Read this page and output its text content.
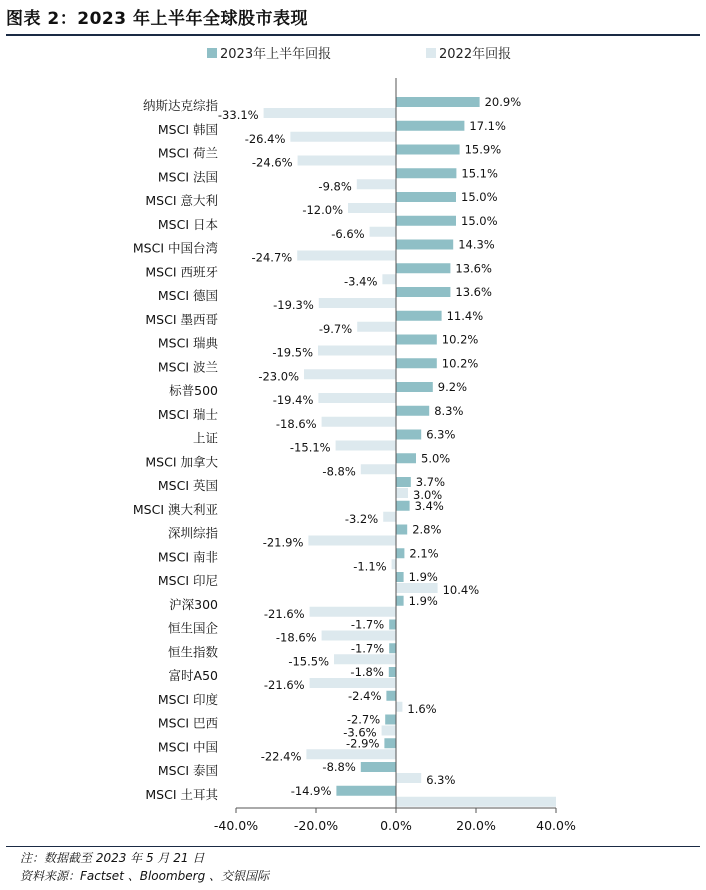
图表 2：2023 年上半年全球股市表现
2023年上半年回报	2022年回报
纳斯达克综指	20.9%
-33.1%
MSCI 韩国	17.1%
-26.4%
MSCI 荷兰	15.9%
-24.6%
MSCI 法国	15.1%
-9.8%
MSCI 意大利	15.0%
-12.0%
MSCI 日本	15.0%
-6.6%
MSCI 中国台湾	14.3%
-24.7%
MSCI 西班牙	13.6%
-3.4%
MSCI 德国	13.6%
-19.3%
MSCI 墨西哥	11.4%
-9.7%
MSCI 瑞典	10.2%
-19.5%
MSCI 波兰	10.2%
-23.0%
标普500	9.2%
-19.4%
MSCI 瑞士	8.3%
-18.6%
上证	6.3%
-15.1%
MSCI 加拿大	5.0%
-8.8%
MSCI 英国	3.7%
3.0%
MSCI 澳大利亚	3.4%
-3.2%
深圳综指	2.8%
-21.9%
MSCI 南非	2.1%
-1.1%
MSCI 印尼	1.9%
10.4%
沪深300	1.9%
-21.6%
恒生国企	-1.7%
-18.6%
恒生指数	-1.7%
-15.5%
富时A50	-1.8%
-21.6%
MSCI 印度	-2.4%
1.6%
MSCI 巴西	-2.7%
-3.6%
MSCI 中国	-2.9%
-22.4%
MSCI 泰国	-8.8%
6.3%
MSCI 土耳其	-14.9%
-40.0%	-20.0%	0.0%	20.0%	40.0%
注：数据截至 2023 年 5 月 21 日
资料来源：Factset 、Bloomberg 、交银国际
